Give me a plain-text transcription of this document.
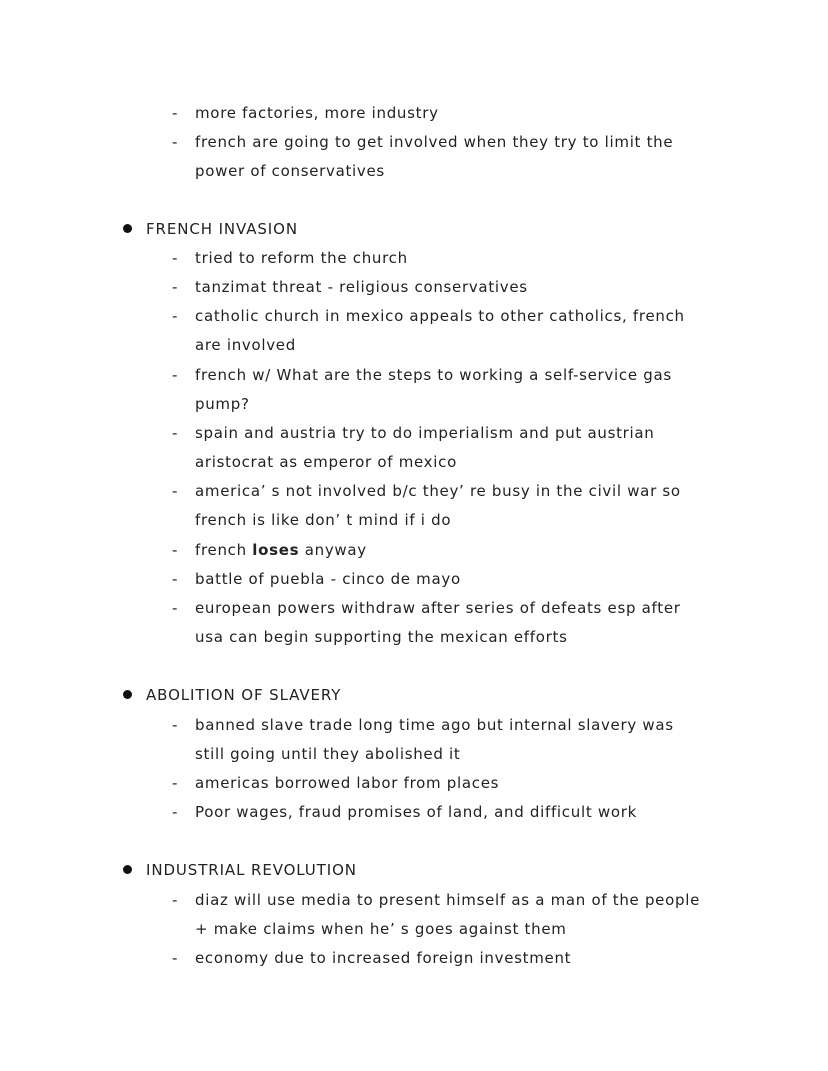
- more factories, more industry
- french are going to get involved when they try to limit the
power of conservatives
FRENCH INVASION
- tried to reform the church
- tanzimat threat - religious conservatives
- catholic church in mexico appeals to other catholics, french
are involved
- french w/ What are the steps to working a self-service gas
pump?
- spain and austria try to do imperialism and put austrian
aristocrat as emperor of mexico
- america’ s not involved b/c they’ re busy in the civil war so
french is like don’ t mind if i do
- french loses anyway
- battle of puebla - cinco de mayo
- european powers withdraw after series of defeats esp after
usa can begin supporting the mexican efforts
ABOLITION OF SLAVERY
- banned slave trade long time ago but internal slavery was
still going until they abolished it
- americas borrowed labor from places
- Poor wages, fraud promises of land, and difficult work
INDUSTRIAL REVOLUTION
- diaz will use media to present himself as a man of the people
+ make claims when he’ s goes against them
- economy due to increased foreign investment
